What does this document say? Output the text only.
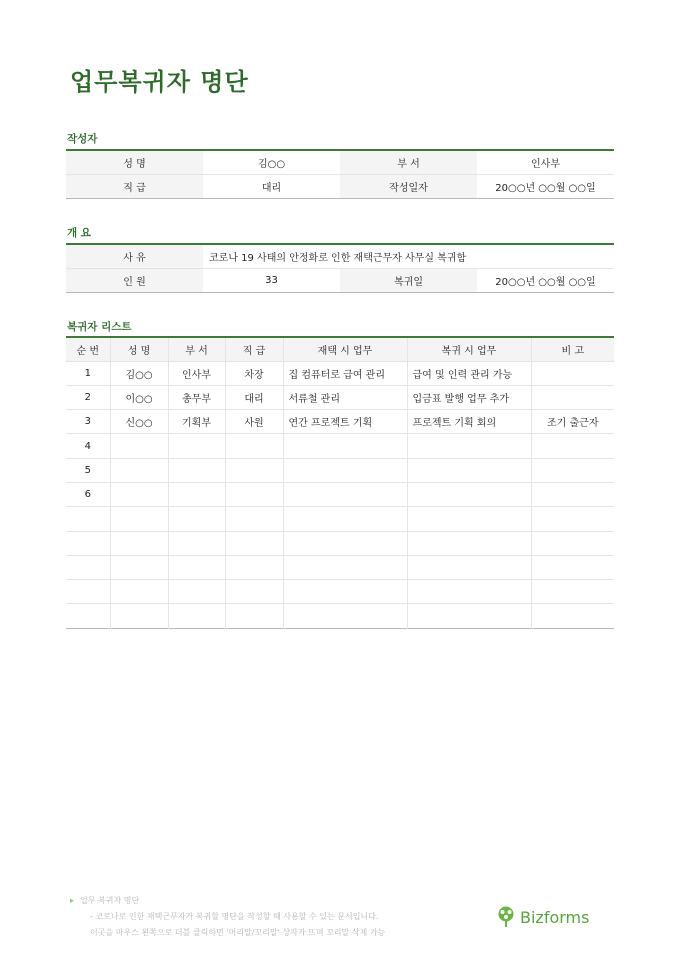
업무복귀자 명단
작성자
성 명	김○○	부 서	인사부
직 급	대리	작성일자	20○○년 ○○월 ○○일
개 요
사 유	코로나 19 사태의 안정화로 인한 재택근무자 사무실 복귀함		
인 원	33	복귀일	20○○년 ○○월 ○○일
복귀자 리스트
순 번	성 명	부 서	직 급	재택 시 업무	복귀 시 업무	비 고
1	김○○	인사부	차장	집 컴퓨터로 급여 관리	급여 및 인력 관리 가능	
2	이○○	총무부	대리	서류철 관리	입금표 발행 업무 추가	
3	신○○	기획부	사원	연간 프로젝트 기획	프로젝트 기획 회의	조기 출근자
4						
5						
6						

▸ 업무 복귀자 명단
- 코로나로 인한 재택근무자가 복귀할 명단을 작성할 때 사용할 수 있는 문서입니다.
이곳을 마우스 왼쪽으로 더블 클릭하면 '머리말/꼬리말' 상자가 뜨며 꼬리말 삭제 가능
Bizforms
